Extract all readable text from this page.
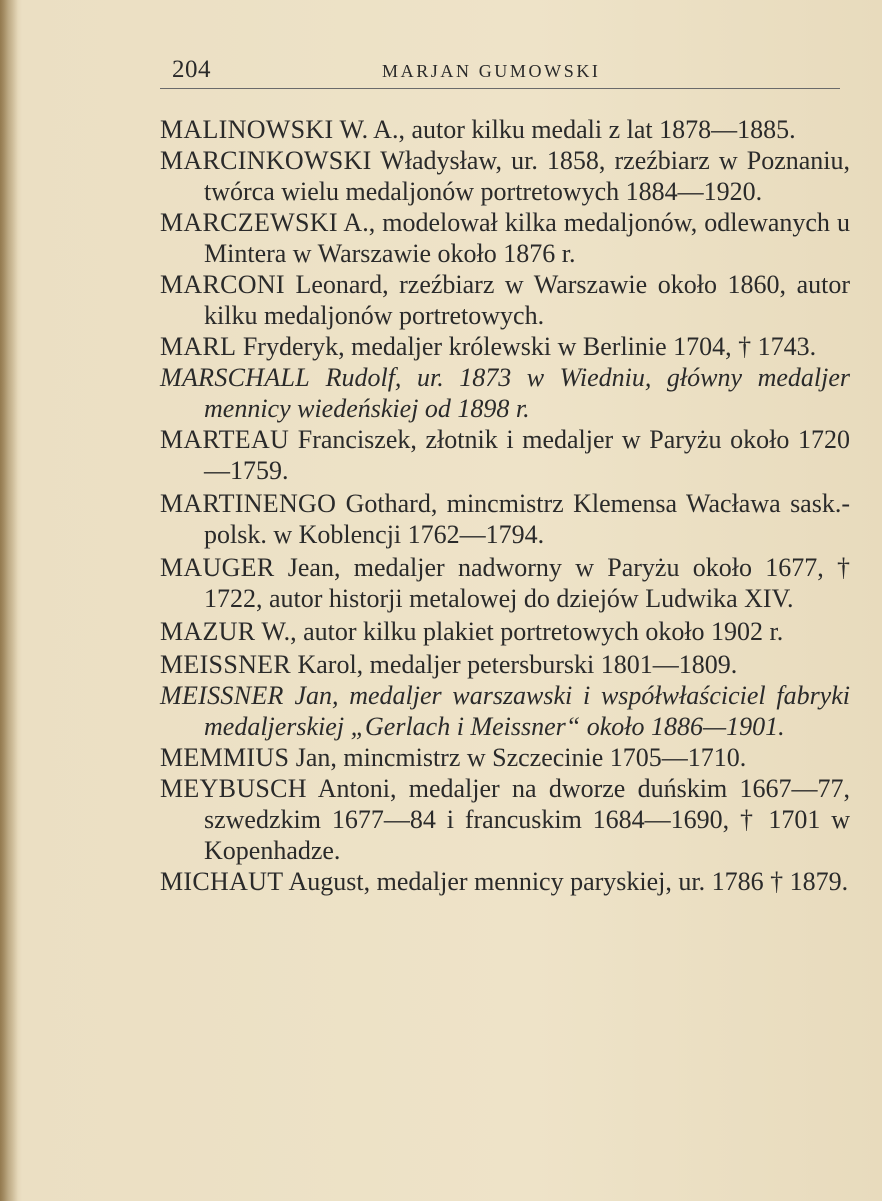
204	MARJAN GUMOWSKI

MALINOWSKI W. A., autor kilku medali z lat 1878—1885.

MARCINKOWSKI Władysław, ur. 1858, rzeźbiarz w Poznaniu, twórca wielu medaljonów portretowych 1884—1920.

MARCZEWSKI A., modelował kilka medaljonów, odlewanych u Mintera w Warszawie około 1876 r.

MARCONI Leonard, rzeźbiarz w Warszawie około 1860, autor kilku medaljonów portretowych.

MARL Fryderyk, medaljer królewski w Berlinie 1704, † 1743.

MARSCHALL Rudolf, ur. 1873 w Wiedniu, główny medaljer mennicy wiedeńskiej od 1898 r.

MARTEAU Franciszek, złotnik i medaljer w Paryżu około 1720—1759.

MARTINENGO Gothard, mincmistrz Klemensa Wacława sask.-polsk. w Koblencji 1762—1794.

MAUGER Jean, medaljer nadworny w Paryżu około 1677, † 1722, autor historji metalowej do dziejów Ludwika XIV.

MAZUR W., autor kilku plakiet portretowych około 1902 r.

MEISSNER Karol, medaljer petersburski 1801—1809.

MEISSNER Jan, medaljer warszawski i współwłaściciel fabryki medaljerskiej „Gerlach i Meissner“ około 1886—1901.

MEMMIUS Jan, mincmistrz w Szczecinie 1705—1710.

MEYBUSCH Antoni, medaljer na dworze duńskim 1667—77, szwedzkim 1677—84 i francuskim 1684—1690, † 1701 w Kopenhadze.

MICHAUT August, medaljer mennicy paryskiej, ur. 1786 † 1879.
